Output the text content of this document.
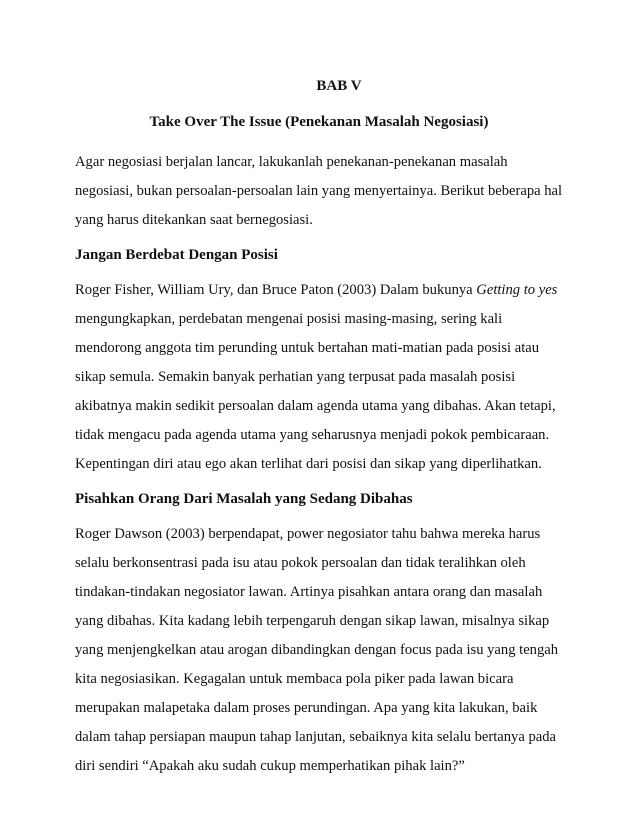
BAB V
Take Over The Issue (Penekanan Masalah Negosiasi)
Agar negosiasi berjalan lancar, lakukanlah penekanan-penekanan masalah
negosiasi, bukan persoalan-persoalan lain yang menyertainya. Berikut beberapa hal
yang harus ditekankan saat bernegosiasi.
Jangan Berdebat Dengan Posisi
Roger Fisher, William Ury, dan Bruce Paton (2003) Dalam bukunya Getting to yes
mengungkapkan, perdebatan mengenai posisi masing-masing, sering kali
mendorong anggota tim perunding untuk bertahan mati-matian pada posisi atau
sikap semula. Semakin banyak perhatian yang terpusat pada masalah posisi
akibatnya makin sedikit persoalan dalam agenda utama yang dibahas. Akan tetapi,
tidak mengacu pada agenda utama yang seharusnya menjadi pokok pembicaraan.
Kepentingan diri atau ego akan terlihat dari posisi dan sikap yang diperlihatkan.
Pisahkan Orang Dari Masalah yang Sedang Dibahas
Roger Dawson (2003) berpendapat, power negosiator tahu bahwa mereka harus
selalu berkonsentrasi pada isu atau pokok persoalan dan tidak teralihkan oleh
tindakan-tindakan negosiator lawan. Artinya pisahkan antara orang dan masalah
yang dibahas. Kita kadang lebih terpengaruh dengan sikap lawan, misalnya sikap
yang menjengkelkan atau arogan dibandingkan dengan focus pada isu yang tengah
kita negosiasikan. Kegagalan untuk membaca pola piker pada lawan bicara
merupakan malapetaka dalam proses perundingan. Apa yang kita lakukan, baik
dalam tahap persiapan maupun tahap lanjutan, sebaiknya kita selalu bertanya pada
diri sendiri “Apakah aku sudah cukup memperhatikan pihak lain?”
